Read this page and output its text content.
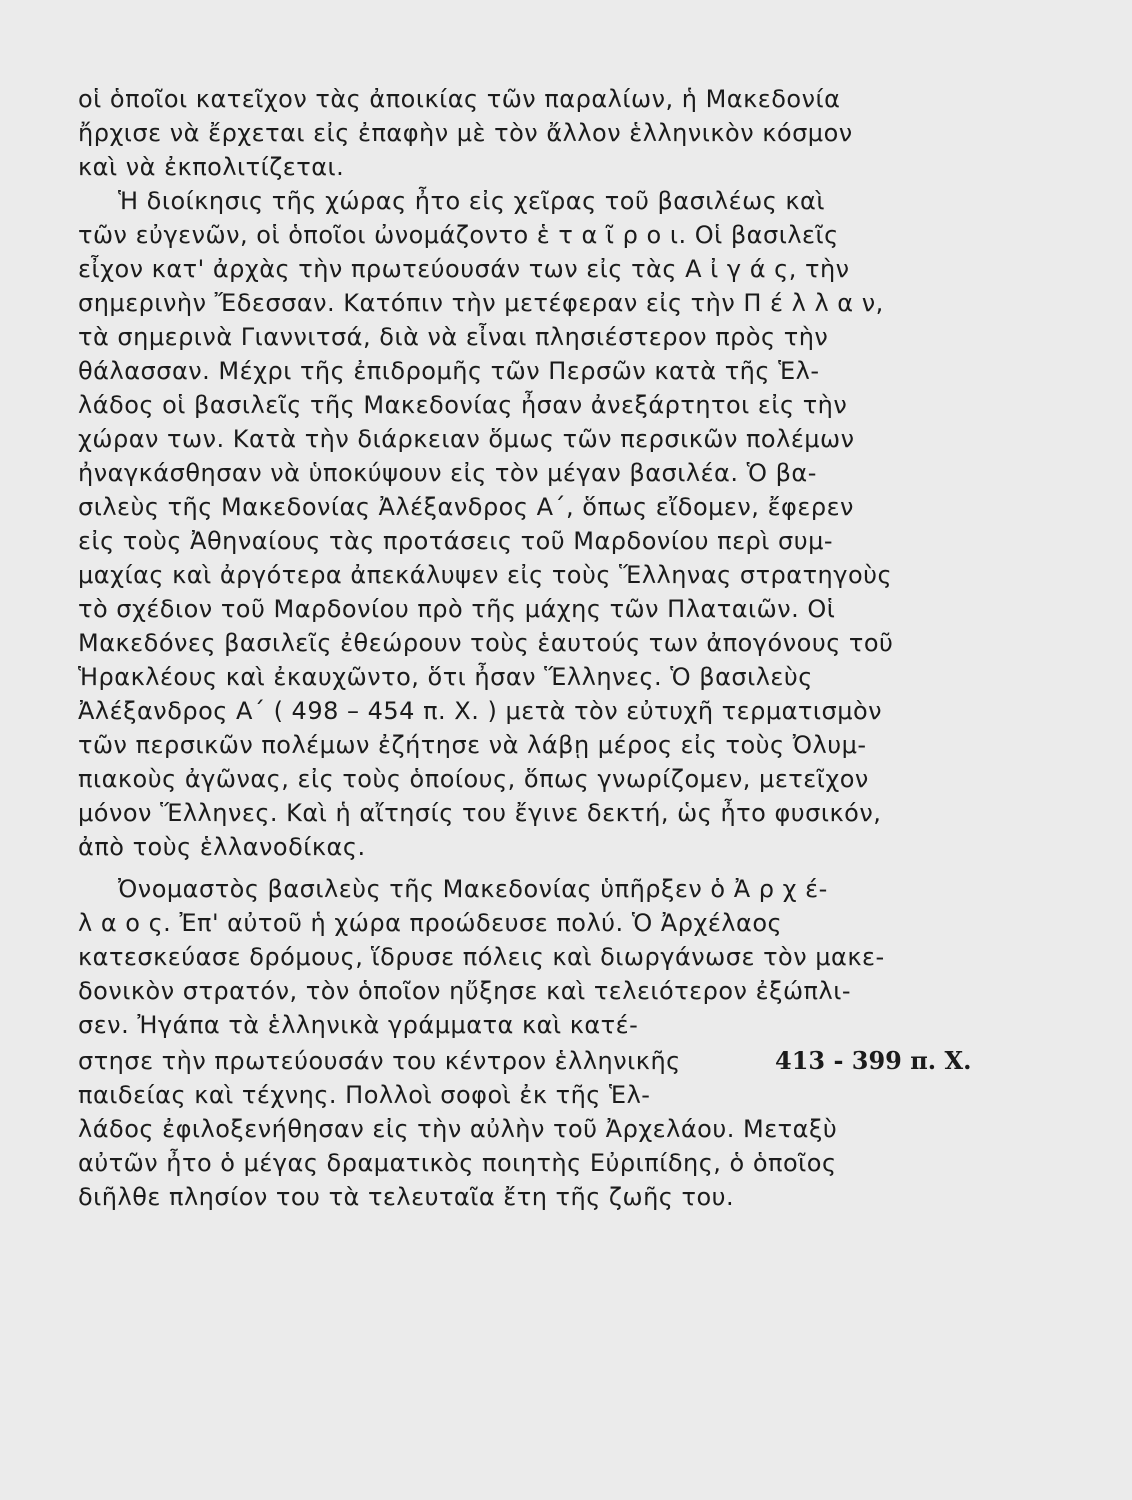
οἱ ὁποῖοι κατεῖχον τὰς ἀποικίας τῶν παραλίων, ἡ Μακεδονία
ἤρχισε νὰ ἔρχεται εἰς ἐπαφὴν μὲ τὸν ἄλλον ἑλληνικὸν κόσμον
καὶ νὰ ἐκπολιτίζεται.
Ἡ διοίκησις τῆς χώρας ἦτο εἰς χεῖρας τοῦ βασιλέως καὶ
τῶν εὐγενῶν, οἱ ὁποῖοι ὠνομάζοντο ἑ τ α ῖ ρ ο ι. Οἱ βασιλεῖς
εἶχον κατ' ἀρχὰς τὴν πρωτεύουσάν των εἰς τὰς Α ἰ γ ά ς, τὴν
σημερινὴν Ἔδεσσαν. Κατόπιν τὴν μετέφεραν εἰς τὴν Π έ λ λ α ν,
τὰ σημερινὰ Γιαννιτσά, διὰ νὰ εἶναι πλησιέστερον πρὸς τὴν
θάλασσαν. Μέχρι τῆς ἐπιδρομῆς τῶν Περσῶν κατὰ τῆς Ἑλ-
λάδος οἱ βασιλεῖς τῆς Μακεδονίας ἦσαν ἀνεξάρτητοι εἰς τὴν
χώραν των. Κατὰ τὴν διάρκειαν ὅμως τῶν περσικῶν πολέμων
ἠναγκάσθησαν νὰ ὑποκύψουν εἰς τὸν μέγαν βασιλέα. Ὁ βα-
σιλεὺς τῆς Μακεδονίας Ἀλέξανδρος Α΄, ὅπως εἴδομεν, ἔφερεν
εἰς τοὺς Ἀθηναίους τὰς προτάσεις τοῦ Μαρδονίου περὶ συμ-
μαχίας καὶ ἀργότερα ἀπεκάλυψεν εἰς τοὺς Ἕλληνας στρατηγοὺς
τὸ σχέδιον τοῦ Μαρδονίου πρὸ τῆς μάχης τῶν Πλαταιῶν. Οἱ
Μακεδόνες βασιλεῖς ἐθεώρουν τοὺς ἑαυτούς των ἀπογόνους τοῦ
Ἡρακλέους καὶ ἐκαυχῶντο, ὅτι ἦσαν Ἕλληνες. Ὁ βασιλεὺς
Ἀλέξανδρος Α΄ ( 498 – 454 π. Χ. ) μετὰ τὸν εὐτυχῆ τερματισμὸν
τῶν περσικῶν πολέμων ἐζήτησε νὰ λάβῃ μέρος εἰς τοὺς Ὀλυμ-
πιακοὺς ἀγῶνας, εἰς τοὺς ὁποίους, ὅπως γνωρίζομεν, μετεῖχον
μόνον Ἕλληνες. Καὶ ἡ αἴτησίς του ἔγινε δεκτή, ὡς ἦτο φυσικόν,
ἀπὸ τοὺς ἑλλανοδίκας.
Ὀνομαστὸς βασιλεὺς τῆς Μακεδονίας ὑπῆρξεν ὁ Ἀ ρ χ έ-
λ α ο ς. Ἐπ' αὐτοῦ ἡ χώρα προώδευσε πολύ. Ὁ Ἀρχέλαος
κατεσκεύασε δρόμους, ἵδρυσε πόλεις καὶ διωργάνωσε τὸν μακε-
δονικὸν στρατόν, τὸν ὁποῖον ηὔξησε καὶ τελειότερον ἐξώπλι-
σεν. Ἠγάπα τὰ ἑλληνικὰ γράμματα καὶ κατέ-
στησε τὴν πρωτεύουσάν του κέντρον ἑλληνικῆς
παιδείας καὶ τέχνης. Πολλοὶ σοφοὶ ἐκ τῆς Ἑλ-
λάδος ἐφιλοξενήθησαν εἰς τὴν αὐλὴν τοῦ Ἀρχελάου. Μεταξὺ
αὐτῶν ἦτο ὁ μέγας δραματικὸς ποιητὴς Εὐριπίδης, ὁ ὁποῖος
διῆλθε πλησίον του τὰ τελευταῖα ἔτη τῆς ζωῆς του.
413 - 399 π. Χ.
